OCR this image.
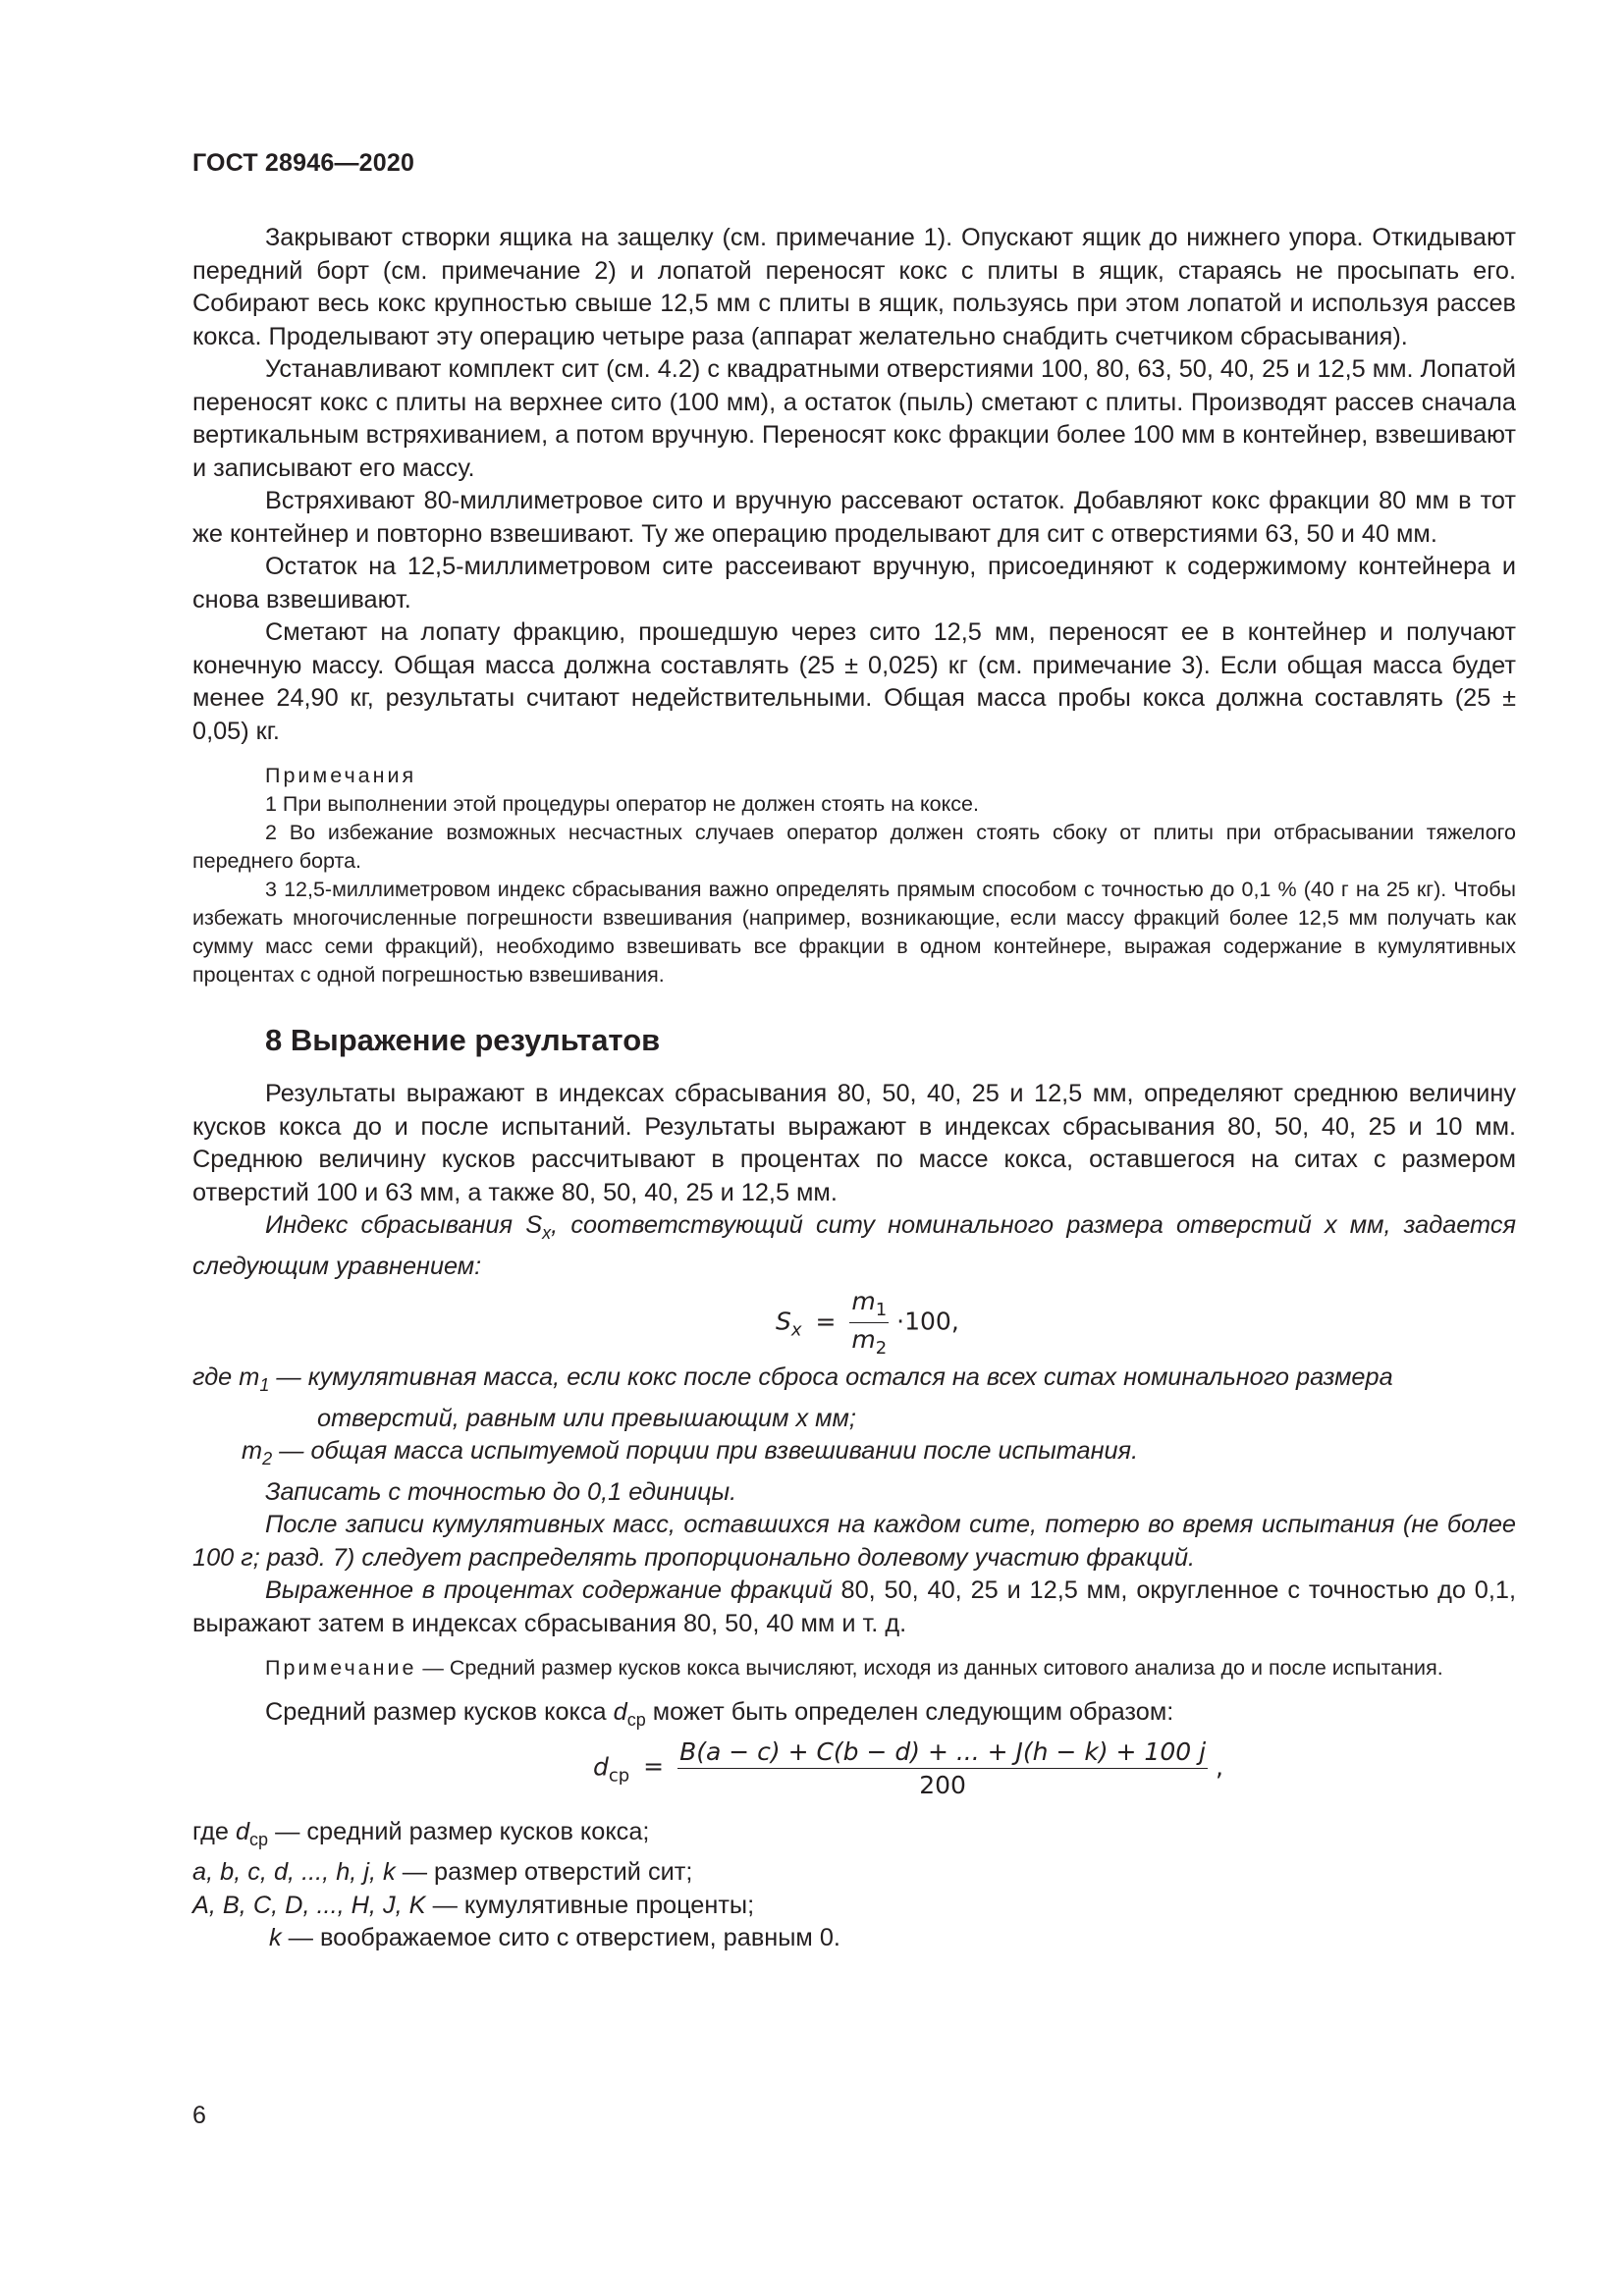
ГОСТ 28946—2020

Закрывают створки ящика на защелку (см. примечание 1). Опускают ящик до нижнего упора. Откидывают передний борт (см. примечание 2) и лопатой переносят кокс с плиты в ящик, стараясь не просыпать его. Собирают весь кокс крупностью свыше 12,5 мм с плиты в ящик, пользуясь при этом лопатой и используя рассев кокса. Проделывают эту операцию четыре раза (аппарат желательно снабдить счетчиком сбрасывания).

Устанавливают комплект сит (см. 4.2) с квадратными отверстиями 100, 80, 63, 50, 40, 25 и 12,5 мм. Лопатой переносят кокс с плиты на верхнее сито (100 мм), а остаток (пыль) сметают с плиты. Производят рассев сначала вертикальным встряхиванием, а потом вручную. Переносят кокс фракции более 100 мм в контейнер, взвешивают и записывают его массу.

Встряхивают 80-миллиметровое сито и вручную рассевают остаток. Добавляют кокс фракции 80 мм в тот же контейнер и повторно взвешивают. Ту же операцию проделывают для сит с отверстиями 63, 50 и 40 мм.

Остаток на 12,5-миллиметровом сите рассеивают вручную, присоединяют к содержимому контейнера и снова взвешивают.

Сметают на лопату фракцию, прошедшую через сито 12,5 мм, переносят ее в контейнер и получают конечную массу. Общая масса должна составлять (25 ± 0,025) кг (см. примечание 3). Если общая масса будет менее 24,90 кг, результаты считают недействительными. Общая масса пробы кокса должна составлять (25 ± 0,05) кг.

Примечания

1 При выполнении этой процедуры оператор не должен стоять на коксе.

2 Во избежание возможных несчастных случаев оператор должен стоять сбоку от плиты при отбрасывании тяжелого переднего борта.

3 12,5-миллиметровом индекс сбрасывания важно определять прямым способом с точностью до 0,1 % (40 г на 25 кг). Чтобы избежать многочисленные погрешности взвешивания (например, возникающие, если массу фракций более 12,5 мм получать как сумму масс семи фракций), необходимо взвешивать все фракции в одном контейнере, выражая содержание в кумулятивных процентах с одной погрешностью взвешивания.

8 Выражение результатов

Результаты выражают в индексах сбрасывания 80, 50, 40, 25 и 12,5 мм, определяют среднюю величину кусков кокса до и после испытаний. Результаты выражают в индексах сбрасывания 80, 50, 40, 25 и 10 мм. Среднюю величину кусков рассчитывают в процентах по массе кокса, оставшегося на ситах с размером отверстий 100 и 63 мм, а также 80, 50, 40, 25 и 12,5 мм.

Индекс сбрасывания $S_x$, соответствующий ситу номинального размера отверстий x мм, задается следующим уравнением:

$S_x = \frac{m_1}{m_2} \cdot 100$,

где $m_1$ — кумулятивная масса, если кокс после сброса остался на всех ситах номинального размера

отверстий, равным или превышающим x мм;

$m_2$ — общая масса испытуемой порции при взвешивании после испытания.

Записать с точностью до 0,1 единицы.

После записи кумулятивных масс, оставшихся на каждом сите, потерю во время испытания (не более 100 г; разд. 7) следует распределять пропорционально долевому участию фракций.

Выраженное в процентах содержание фракций 80, 50, 40, 25 и 12,5 мм, округленное с точностью до 0,1, выражают затем в индексах сбрасывания 80, 50, 40 мм и т. д.

Примечание — Средний размер кусков кокса вычисляют, исходя из данных ситового анализа до и после испытания.

Средний размер кусков кокса $d_{ср}$ может быть определен следующим образом:

$d_{ср} = \frac{B(a - c) + C(b - d) + ... + J(h - k) + 100 j}{200}$ ,

где $d_{ср}$ — средний размер кусков кокса;

a, b, c, d, ..., h, j, k — размер отверстий сит;

A, B, C, D, ..., H, J, K — кумулятивные проценты;

k — воображаемое сито с отверстием, равным 0.

6
